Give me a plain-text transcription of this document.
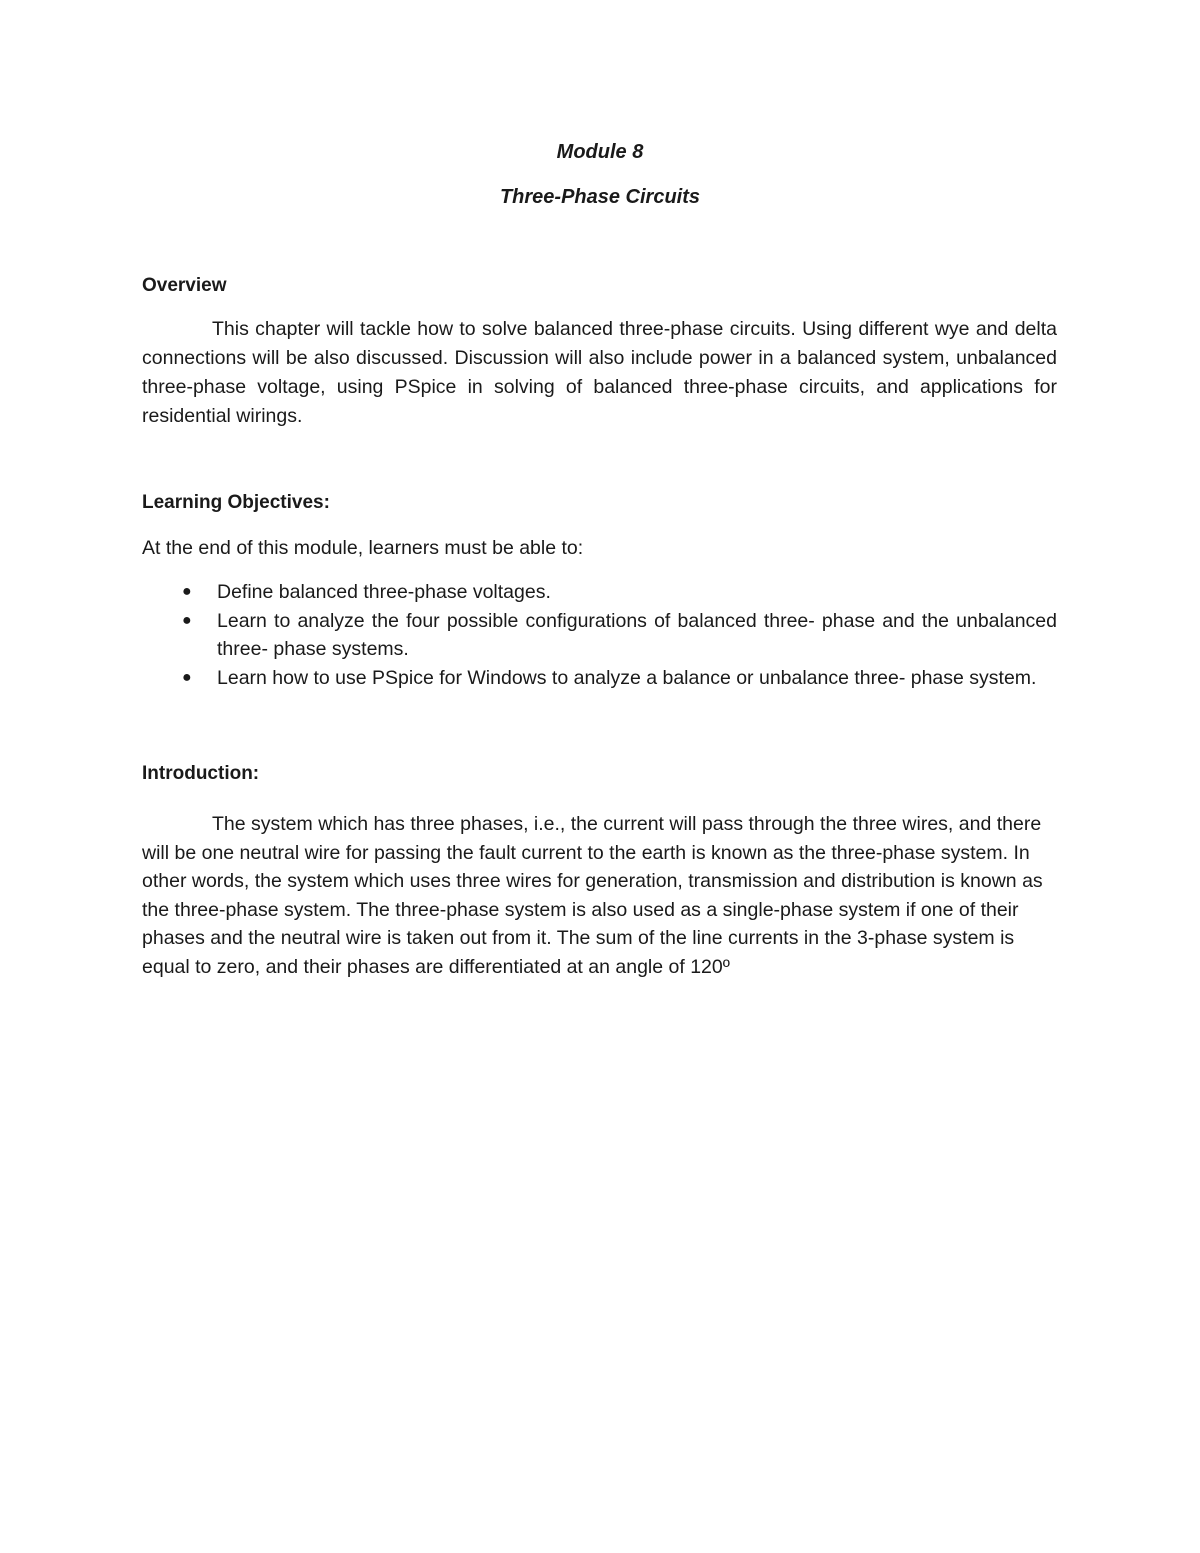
Module 8

Three-Phase Circuits

Overview

This chapter will tackle how to solve balanced three-phase circuits. Using different wye and delta connections will be also discussed. Discussion will also include power in a balanced system, unbalanced three-phase voltage, using PSpice in solving of balanced three-phase circuits, and applications for residential wirings.

Learning Objectives:

At the end of this module, learners must be able to:

● Define balanced three-phase voltages.
● Learn to analyze the four possible configurations of balanced three- phase and the unbalanced three- phase systems.
● Learn how to use PSpice for Windows to analyze a balance or unbalance three- phase system.

Introduction:

The system which has three phases, i.e., the current will pass through the three wires, and there will be one neutral wire for passing the fault current to the earth is known as the three-phase system. In other words, the system which uses three wires for generation, transmission and distribution is known as the three-phase system. The three-phase system is also used as a single-phase system if one of their phases and the neutral wire is taken out from it. The sum of the line currents in the 3-phase system is equal to zero, and their phases are differentiated at an angle of 120º
